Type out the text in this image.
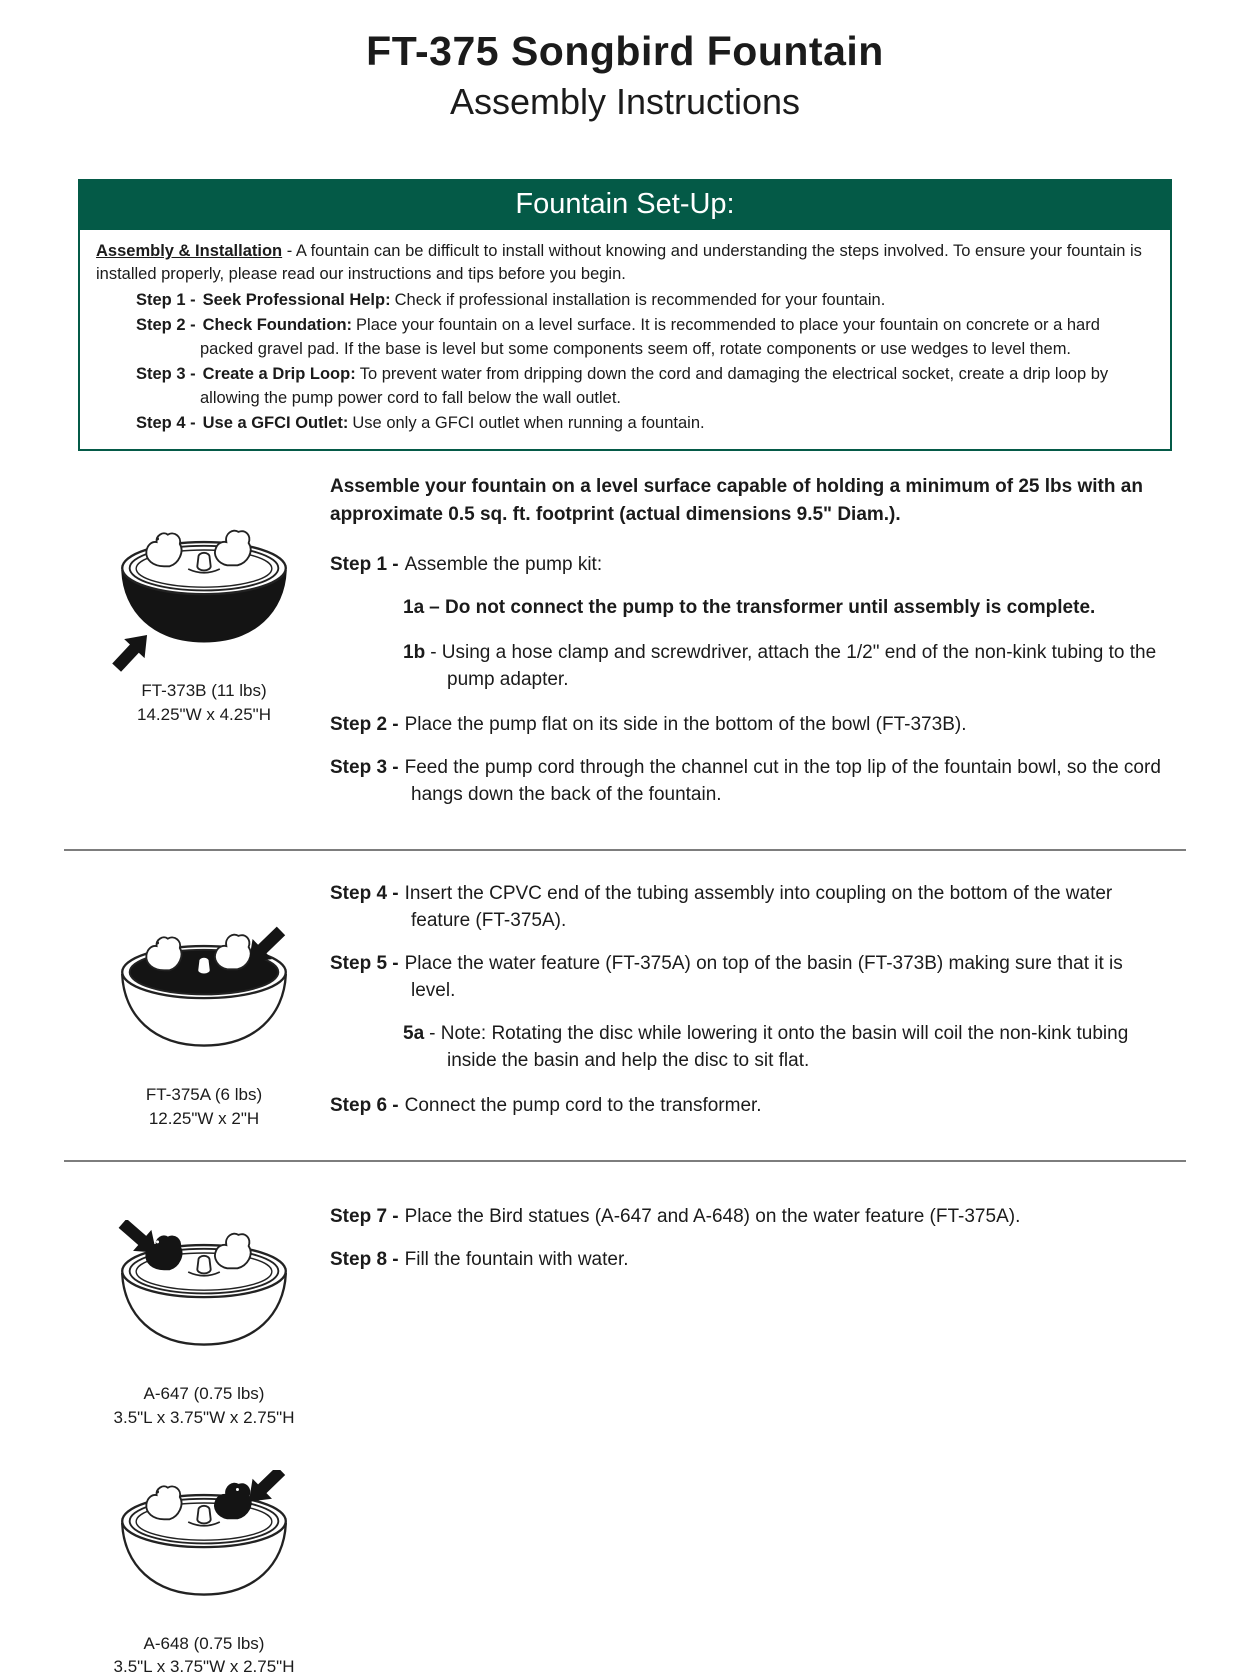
FT-375 Songbird Fountain
Assembly Instructions
Fountain Set-Up:
Assembly & Installation - A fountain can be difficult to install without knowing and understanding the steps involved. To ensure your fountain is installed properly, please read our instructions and tips before you begin.
Step 1 - Seek Professional Help: Check if professional installation is recommended for your fountain.
Step 2 - Check Foundation: Place your fountain on a level surface. It is recommended to place your fountain on concrete or a hard packed gravel pad. If the base is level but some components seem off, rotate components or use wedges to level them.
Step 3 - Create a Drip Loop: To prevent water from dripping down the cord and damaging the electrical socket, create a drip loop by allowing the pump power cord to fall below the wall outlet.
Step 4 - Use a GFCI Outlet: Use only a GFCI outlet when running a fountain.
FT-373B (11 lbs)
14.25"W x 4.25"H
Assemble your fountain on a level surface capable of holding a minimum of 25 lbs with an approximate 0.5 sq. ft. footprint (actual dimensions 9.5" Diam.).
Step 1 - Assemble the pump kit:
1a – Do not connect the pump to the transformer until assembly is complete.
1b - Using a hose clamp and screwdriver, attach the 1/2" end of the non-kink tubing to the pump adapter.
Step 2 - Place the pump flat on its side in the bottom of the bowl (FT-373B).
Step 3 - Feed the pump cord through the channel cut in the top lip of the fountain bowl, so the cord hangs down the back of the fountain.
FT-375A (6 lbs)
12.25"W x 2"H
Step 4 - Insert the CPVC end of the tubing assembly into coupling on the bottom of the water feature (FT-375A).
Step 5 - Place the water feature (FT-375A) on top of the basin (FT-373B) making sure that it is level.
5a - Note: Rotating the disc while lowering it onto the basin will coil the non-kink tubing inside the basin and help the disc to sit flat.
Step 6 - Connect the pump cord to the transformer.
A-647 (0.75 lbs)
3.5"L x 3.75"W x 2.75"H
A-648 (0.75 lbs)
3.5"L x 3.75"W x 2.75"H
Step 7 - Place the Bird statues (A-647 and A-648) on the water feature (FT-375A).
Step 8 - Fill the fountain with water.
